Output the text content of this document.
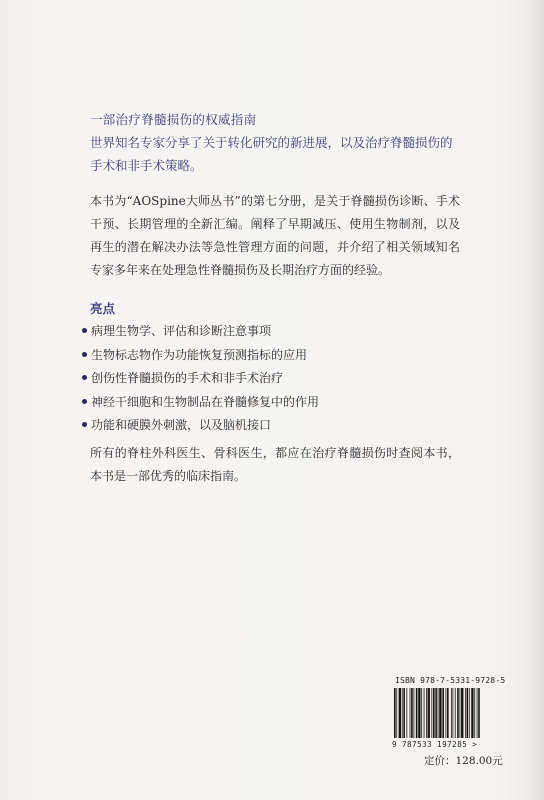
一部治疗脊髓损伤的权威指南
世界知名专家分享了关于转化研究的新进展，以及治疗脊髓损伤的手术和非手术策略。
本书为“AOSpine大师丛书”的第七分册，是关于脊髓损伤诊断、手术干预、长期管理的全新汇编。阐释了早期减压、使用生物制剂，以及再生的潜在解决办法等急性管理方面的问题，并介绍了相关领域知名专家多年来在处理急性脊髓损伤及长期治疗方面的经验。
亮点
病理生物学、评估和诊断注意事项
生物标志物作为功能恢复预测指标的应用
创伤性脊髓损伤的手术和非手术治疗
神经干细胞和生物制品在脊髓修复中的作用
功能和硬膜外刺激，以及脑机接口
所有的脊柱外科医生、骨科医生，都应在治疗脊髓损伤时查阅本书，本书是一部优秀的临床指南。
ISBN 978-7-5331-9728-5
9 787533 197285 >
定价：128.00元
